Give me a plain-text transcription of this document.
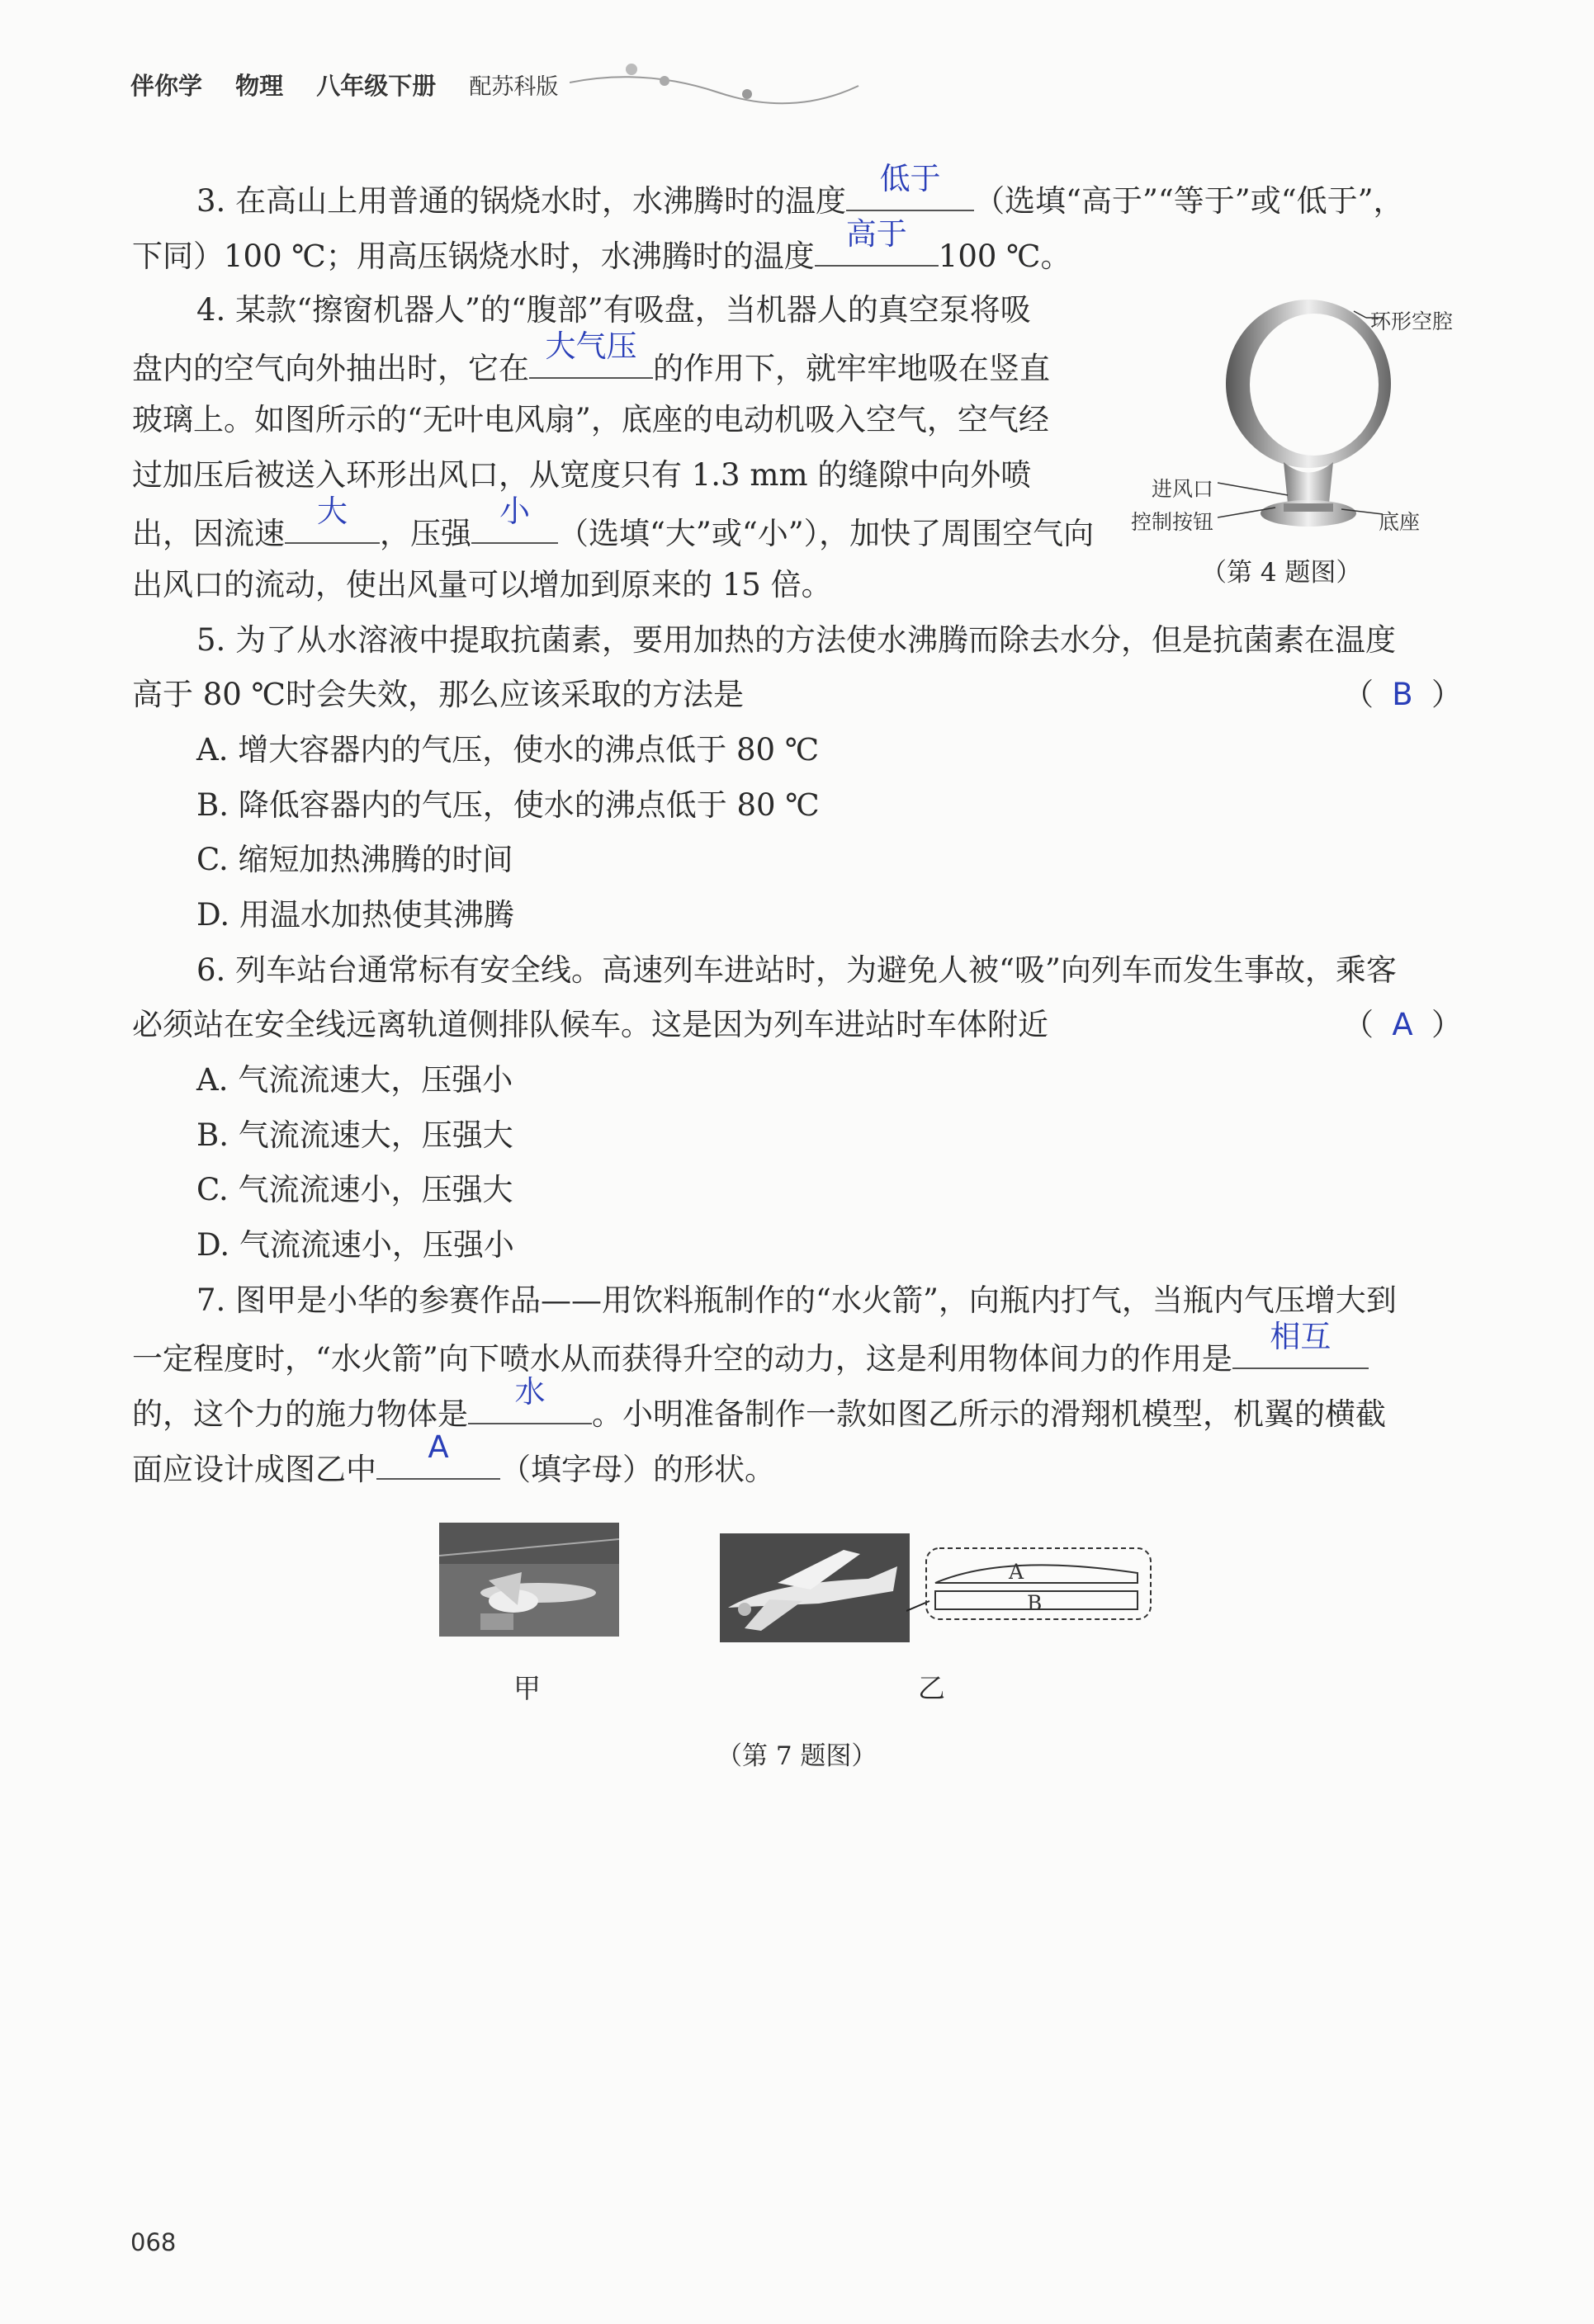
伴你学 物理 八年级下册 配苏科版
3. 在高山上用普通的锅烧水时，水沸腾时的温度
低于
（选填“高于”“等于”或“低于”，
下同）100 ℃；用高压锅烧水时，水沸腾时的温度
高于
100 ℃。
4. 某款“擦窗机器人”的“腹部”有吸盘，当机器人的真空泵将吸
盘内的空气向外抽出时，它在
大气压
的作用下，就牢牢地吸在竖直
玻璃上。如图所示的“无叶电风扇”，底座的电动机吸入空气，空气经
过加压后被送入环形出风口，从宽度只有 1.3 mm 的缝隙中向外喷
出，因流速
大
，压强
小
（选填“大”或“小”），加快了周围空气向
出风口的流动，使出风量可以增加到原来的 15 倍。
环形空腔
进风口
控制按钮	底座
（第 4 题图）
5. 为了从水溶液中提取抗菌素，要用加热的方法使水沸腾而除去水分，但是抗菌素在温度
高于 80 ℃时会失效，那么应该采取的方法是	（ B ）
A. 增大容器内的气压，使水的沸点低于 80 ℃
B. 降低容器内的气压，使水的沸点低于 80 ℃
C. 缩短加热沸腾的时间
D. 用温水加热使其沸腾
6. 列车站台通常标有安全线。高速列车进站时，为避免人被“吸”向列车而发生事故，乘客
必须站在安全线远离轨道侧排队候车。这是因为列车进站时车体附近	（ A ）
A. 气流流速大，压强小
B. 气流流速大，压强大
C. 气流流速小，压强大
D. 气流流速小，压强小
7. 图甲是小华的参赛作品——用饮料瓶制作的“水火箭”，向瓶内打气，当瓶内气压增大到
一定程度时，“水火箭”向下喷水从而获得升空的动力，这是利用物体间力的作用是
相互
的，这个力的施力物体是
水
。小明准备制作一款如图乙所示的滑翔机模型，机翼的横截
面应设计成图乙中
A
（填字母）的形状。
甲
A
B
乙
（第 7 题图）
068
